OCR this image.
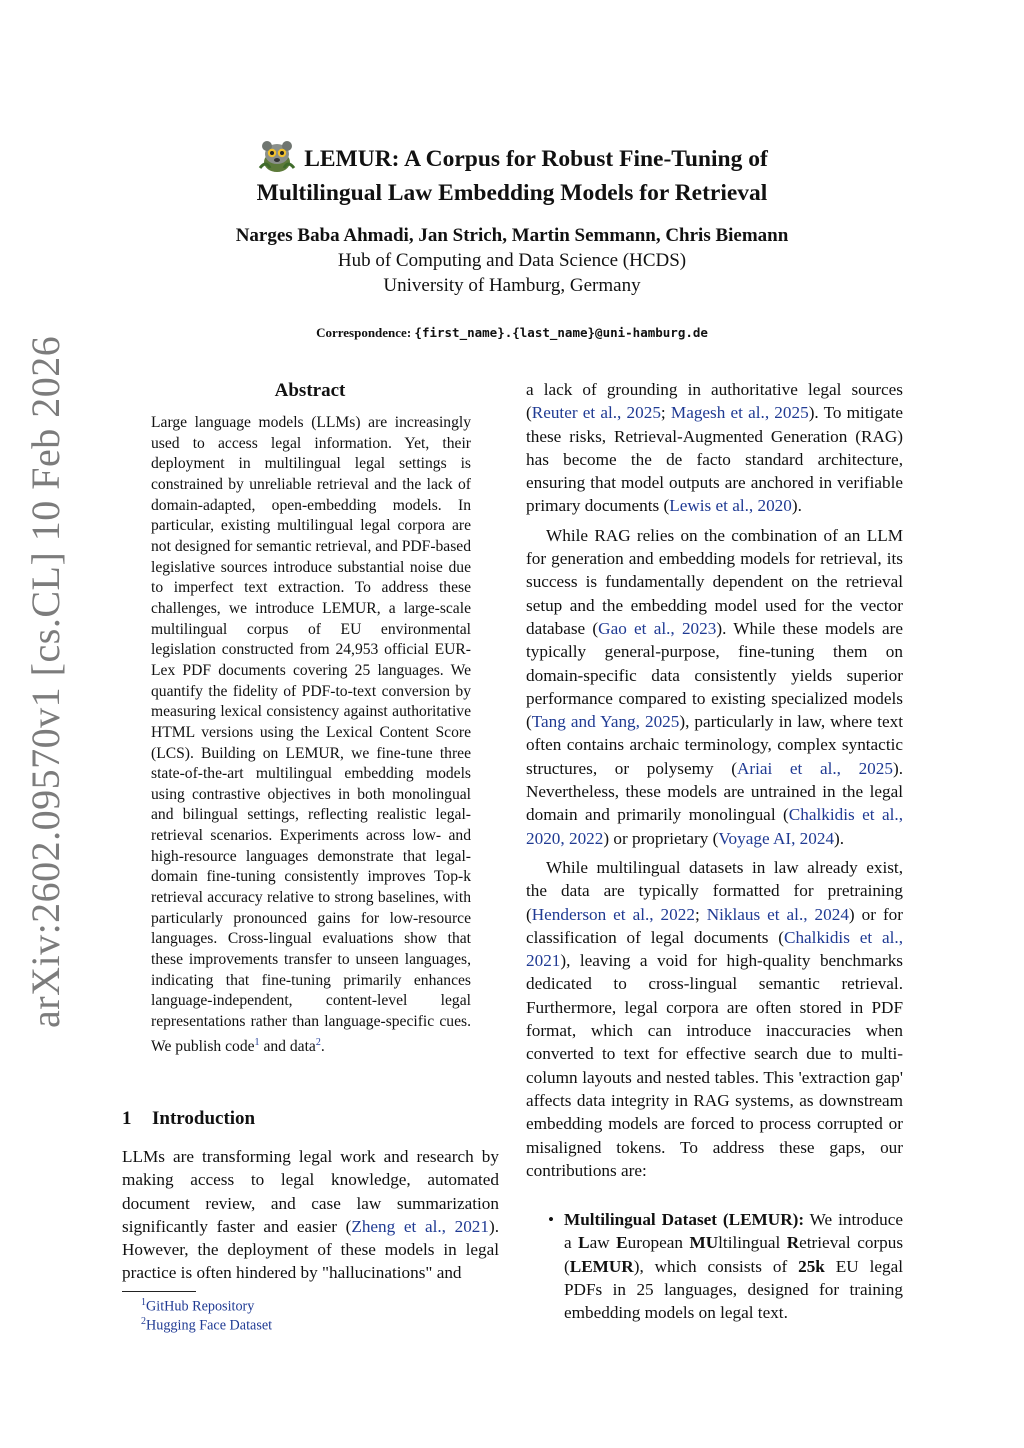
arXiv:2602.09570v1 [cs.CL] 10 Feb 2026
LEMUR: A Corpus for Robust Fine-Tuning of
Multilingual Law Embedding Models for Retrieval
Narges Baba Ahmadi, Jan Strich, Martin Semmann, Chris Biemann
Hub of Computing and Data Science (HCDS)
University of Hamburg, Germany
Correspondence: {first_name}.{last_name}@uni-hamburg.de
Abstract
Large language models (LLMs) are increasingly used to access legal information. Yet, their deployment in multilingual legal settings is constrained by unreliable retrieval and the lack of domain-adapted, open-embedding models. In particular, existing multilingual legal corpora are not designed for semantic retrieval, and PDF-based legislative sources introduce substantial noise due to imperfect text extraction. To address these challenges, we introduce LEMUR, a large-scale multilingual corpus of EU environmental legislation constructed from 24,953 official EUR-Lex PDF documents covering 25 languages. We quantify the fidelity of PDF-to-text conversion by measuring lexical consistency against authoritative HTML versions using the Lexical Content Score (LCS). Building on LEMUR, we fine-tune three state-of-the-art multilingual embedding models using contrastive objectives in both monolingual and bilingual settings, reflecting realistic legal-retrieval scenarios. Experiments across low- and high-resource languages demonstrate that legal-domain fine-tuning consistently improves Top-k retrieval accuracy relative to strong baselines, with particularly pronounced gains for low-resource languages. Cross-lingual evaluations show that these improvements transfer to unseen languages, indicating that fine-tuning primarily enhances language-independent, content-level legal representations rather than language-specific cues. We publish code$^1$ and data$^2$.
1 Introduction
LLMs are transforming legal work and research by making access to legal knowledge, automated document review, and case law summarization significantly faster and easier (Zheng et al., 2021). However, the deployment of these models in legal practice is often hindered by "hallucinations" and
$^1$GitHub Repository
$^2$Hugging Face Dataset

a lack of grounding in authoritative legal sources (Reuter et al., 2025; Magesh et al., 2025). To mitigate these risks, Retrieval-Augmented Generation (RAG) has become the de facto standard architecture, ensuring that model outputs are anchored in verifiable primary documents (Lewis et al., 2020).

While RAG relies on the combination of an LLM for generation and embedding models for retrieval, its success is fundamentally dependent on the retrieval setup and the embedding model used for the vector database (Gao et al., 2023). While these models are typically general-purpose, fine-tuning them on domain-specific data consistently yields superior performance compared to existing specialized models (Tang and Yang, 2025), particularly in law, where text often contains archaic terminology, complex syntactic structures, or polysemy (Ariai et al., 2025). Nevertheless, these models are untrained in the legal domain and primarily monolingual (Chalkidis et al., 2020, 2022) or proprietary (Voyage AI, 2024).

While multilingual datasets in law already exist, the data are typically formatted for pretraining (Henderson et al., 2022; Niklaus et al., 2024) or for classification of legal documents (Chalkidis et al., 2021), leaving a void for high-quality benchmarks dedicated to cross-lingual semantic retrieval. Furthermore, legal corpora are often stored in PDF format, which can introduce inaccuracies when converted to text for effective search due to multi-column layouts and nested tables. This 'extraction gap' affects data integrity in RAG systems, as downstream embedding models are forced to process corrupted or misaligned tokens. To address these gaps, our contributions are:

• Multilingual Dataset (LEMUR): We introduce a Law European MUltilingual Retrieval corpus (LEMUR), which consists of 25k EU legal PDFs in 25 languages, designed for training embedding models on legal text.
